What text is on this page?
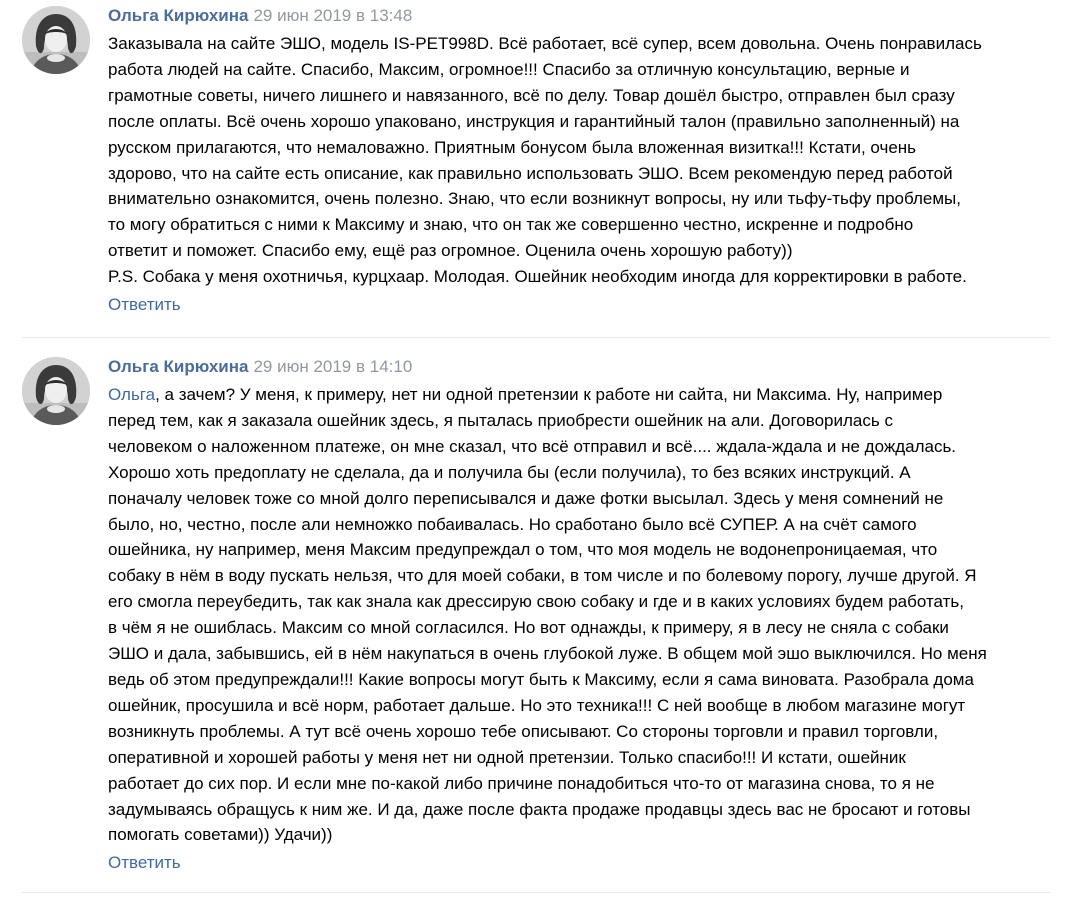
Ольга Кирюхина 29 июн 2019 в 13:48
Заказывала на сайте ЭШО, модель IS-PET998D. Всё работает, всё супер, всем довольна. Очень понравилась
работа людей на сайте. Спасибо, Максим, огромное!!! Спасибо за отличную консультацию, верные и
грамотные советы, ничего лишнего и навязанного, всё по делу. Товар дошёл быстро, отправлен был сразу
после оплаты. Всё очень хорошо упаковано, инструкция и гарантийный талон (правильно заполненный) на
русском прилагаются, что немаловажно. Приятным бонусом была вложенная визитка!!! Кстати, очень
здорово, что на сайте есть описание, как правильно использовать ЭШО. Всем рекомендую перед работой
внимательно ознакомится, очень полезно. Знаю, что если возникнут вопросы, ну или тьфу-тьфу проблемы,
то могу обратиться с ними к Максиму и знаю, что он так же совершенно честно, искренне и подробно
ответит и поможет. Спасибо ему, ещё раз огромное. Оценила очень хорошую работу))
P.S. Собака у меня охотничья, курцхаар. Молодая. Ошейник необходим иногда для корректировки в работе.
Ответить
Ольга Кирюхина 29 июн 2019 в 14:10
Ольга, а зачем? У меня, к примеру, нет ни одной претензии к работе ни сайта, ни Максима. Ну, например
перед тем, как я заказала ошейник здесь, я пыталась приобрести ошейник на али. Договорилась с
человеком о наложенном платеже, он мне сказал, что всё отправил и всё.... ждала-ждала и не дождалась.
Хорошо хоть предоплату не сделала, да и получила бы (если получила), то без всяких инструкций. А
поначалу человек тоже со мной долго переписывался и даже фотки высылал. Здесь у меня сомнений не
было, но, честно, после али немножко побаивалась. Но сработано было всё СУПЕР. А на счёт самого
ошейника, ну например, меня Максим предупреждал о том, что моя модель не водонепроницаемая, что
собаку в нём в воду пускать нельзя, что для моей собаки, в том числе и по болевому порогу, лучше другой. Я
его смогла переубедить, так как знала как дрессирую свою собаку и где и в каких условиях будем работать,
в чём я не ошиблась. Максим со мной согласился. Но вот однажды, к примеру, я в лесу не сняла с собаки
ЭШО и дала, забывшись, ей в нём накупаться в очень глубокой луже. В общем мой эшо выключился. Но меня
ведь об этом предупреждали!!! Какие вопросы могут быть к Максиму, если я сама виновата. Разобрала дома
ошейник, просушила и всё норм, работает дальше. Но это техника!!! С ней вообще в любом магазине могут
возникнуть проблемы. А тут всё очень хорошо тебе описывают. Со стороны торговли и правил торговли,
оперативной и хорошей работы у меня нет ни одной претензии. Только спасибо!!! И кстати, ошейник
работает до сих пор. И если мне по-какой либо причине понадобиться что-то от магазина снова, то я не
задумываясь обращусь к ним же. И да, даже после факта продаже продавцы здесь вас не бросают и готовы
помогать советами)) Удачи))
Ответить
